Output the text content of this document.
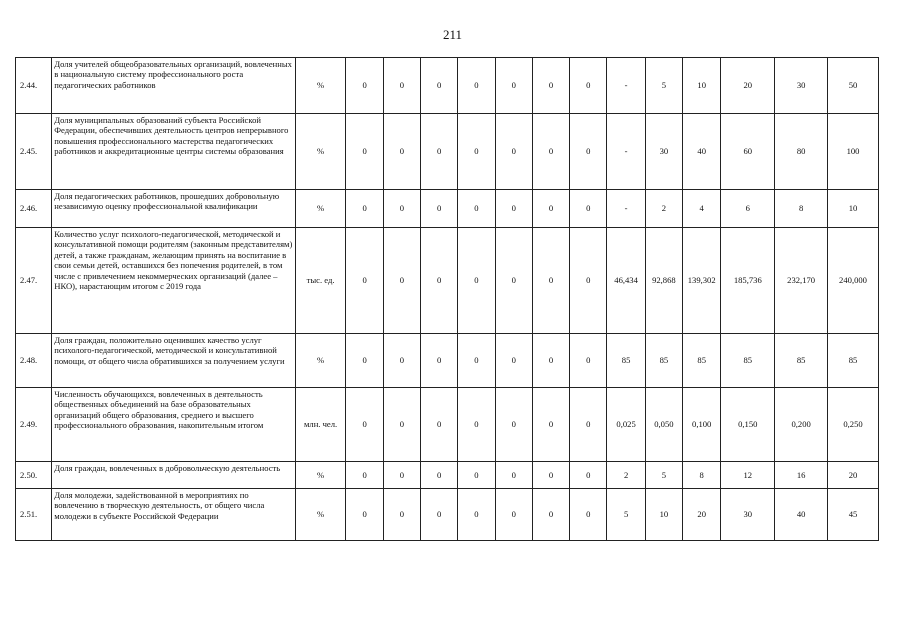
211
2.44.	Доля учителей общеобразовательных организаций, вовлеченных в национальную систему профессионального роста педагогических работников	%	0	0	0	0	0	0	0	-	5	10	20	30	50
2.45.	Доля муниципальных образований субъекта Российской Федерации, обеспечивших деятельность центров непрерывного повышения профессионального мастерства педагогических работников и аккредитационные центры системы образования	%	0	0	0	0	0	0	0	-	30	40	60	80	100
2.46.	Доля педагогических работников, прошедших добровольную независимую оценку профессиональной квалификации	%	0	0	0	0	0	0	0	-	2	4	6	8	10
2.47.	Количество услуг психолого-педагогической, методической и консультативной помощи родителям (законным представителям) детей, а также гражданам, желающим принять на воспитание в свои семьи детей, оставшихся без попечения родителей, в том числе с привлечением некоммерческих организаций (далее – НКО), нарастающим итогом с 2019 года	тыс. ед.	0	0	0	0	0	0	0	46,434	92,868	139,302	185,736	232,170	240,000
2.48.	Доля граждан, положительно оценивших качество услуг психолого-педагогической, методической и консультативной помощи, от общего числа обратившихся за получением услуги	%	0	0	0	0	0	0	0	85	85	85	85	85	85
2.49.	Численность обучающихся, вовлеченных в деятельность общественных объединений на базе образовательных организаций общего образования, среднего и высшего профессионального образования, накопительным итогом	млн. чел.	0	0	0	0	0	0	0	0,025	0,050	0,100	0,150	0,200	0,250
2.50.	Доля граждан, вовлеченных в добровольческую деятельность	%	0	0	0	0	0	0	0	2	5	8	12	16	20
2.51.	Доля молодежи, задействованной в мероприятиях по вовлечению в творческую деятельность, от общего числа молодежи в субъекте Российской Федерации	%	0	0	0	0	0	0	0	5	10	20	30	40	45
